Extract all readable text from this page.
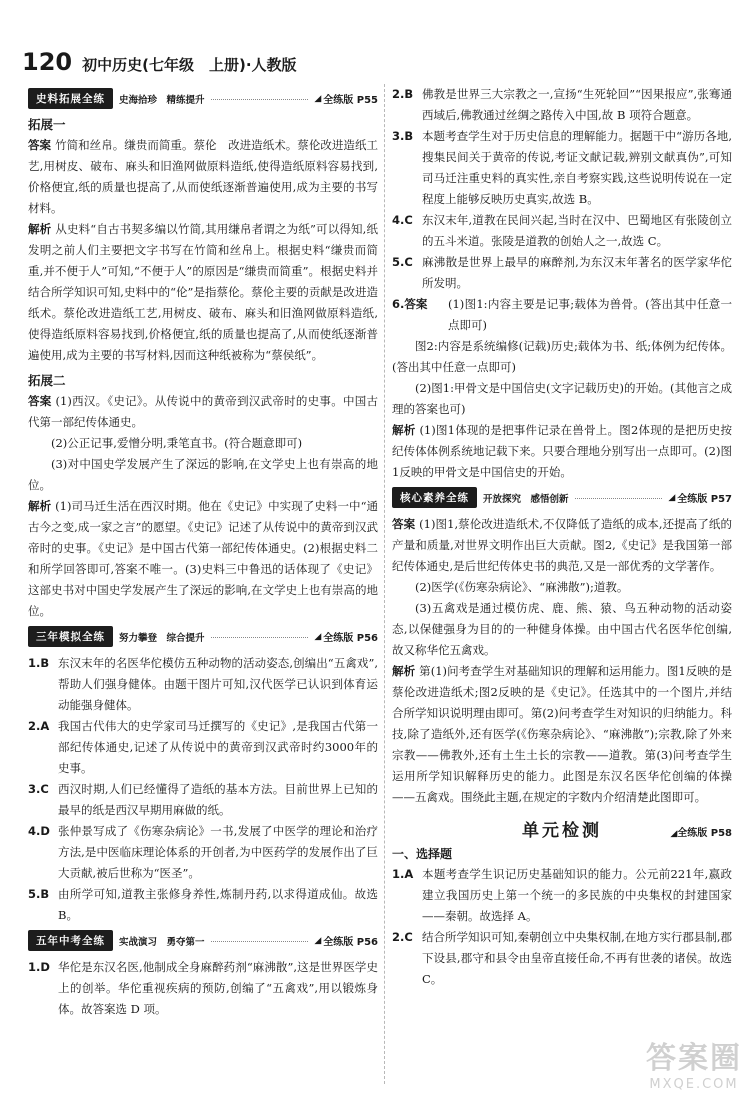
120 初中历史(七年级　上册)·人教版
史料拓展全练	史海拾珍　精练提升	◢ 全练版 P55
拓展一

答案 竹简和丝帛。缣贵而简重。蔡伦　改进造纸术。蔡伦改进造纸工艺,用树皮、破布、麻头和旧渔网做原料造纸,使得造纸原料容易找到,价格便宜,纸的质量也提高了,从而使纸逐渐普遍使用,成为主要的书写材料。

解析 从史料“自古书契多编以竹简,其用缣帛者谓之为纸”可以得知,纸发明之前人们主要把文字书写在竹简和丝帛上。根据史料“缣贵而简重,并不便于人”可知,“不便于人”的原因是“缣贵而简重”。根据史料并结合所学知识可知,史料中的“伦”是指蔡伦。蔡伦主要的贡献是改进造纸术。蔡伦改进造纸工艺,用树皮、破布、麻头和旧渔网做原料造纸,使得造纸原料容易找到,价格便宜,纸的质量也提高了,从而使纸逐渐普遍使用,成为主要的书写材料,因而这种纸被称为“蔡侯纸”。

拓展二

答案 (1)西汉。《史记》。从传说中的黄帝到汉武帝时的史事。中国古代第一部纪传体通史。

(2)公正记事,爱憎分明,秉笔直书。(符合题意即可)

(3)对中国史学发展产生了深远的影响,在文学史上也有崇高的地位。

解析 (1)司马迁生活在西汉时期。他在《史记》中实现了史料一中“通古今之变,成一家之言”的愿望。《史记》记述了从传说中的黄帝到汉武帝时的史事。《史记》是中国古代第一部纪传体通史。(2)根据史料二和所学回答即可,答案不唯一。(3)史料三中鲁迅的话体现了《史记》这部史书对中国史学发展产生了深远的影响,在文学史上也有崇高的地位。

三年模拟全练	努力攀登　综合提升	◢ 全练版 P56
1.B 东汉末年的名医华佗模仿五种动物的活动姿态,创编出“五禽戏”,帮助人们强身健体。由题干图片可知,汉代医学已认识到体育运动能强身健体。
2.A 我国古代伟大的史学家司马迁撰写的《史记》,是我国古代第一部纪传体通史,记述了从传说中的黄帝到汉武帝时约3000年的史事。
3.C 西汉时期,人们已经懂得了造纸的基本方法。目前世界上已知的最早的纸是西汉早期用麻做的纸。
4.D 张仲景写成了《伤寒杂病论》一书,发展了中医学的理论和治疗方法,是中医临床理论体系的开创者,为中医药学的发展作出了巨大贡献,被后世称为“医圣”。
5.B 由所学可知,道教主张修身养性,炼制丹药,以求得道成仙。故选 B。
五年中考全练	实战演习　勇夺第一	◢ 全练版 P56
1.D 华佗是东汉名医,他制成全身麻醉药剂“麻沸散”,这是世界医学史上的创举。华佗重视疾病的预防,创编了“五禽戏”,用以锻炼身体。故答案选 D 项。
2.B 佛教是世界三大宗教之一,宣扬“生死轮回”“因果报应”,张骞通西域后,佛教通过丝绸之路传入中国,故 B 项符合题意。
3.B 本题考查学生对于历史信息的理解能力。据题干中“游历各地,搜集民间关于黄帝的传说,考证文献记载,辨别文献真伪”,可知司马迁注重史料的真实性,亲自考察实践,这些说明传说在一定程度上能够反映历史真实,故选 B。
4.C 东汉末年,道教在民间兴起,当时在汉中、巴蜀地区有张陵创立的五斗米道。张陵是道教的创始人之一,故选 C。
5.C 麻沸散是世界上最早的麻醉剂,为东汉末年著名的医学家华佗所发明。
6.答案	(1)图1:内容主要是记事;载体为兽骨。(答出其中任意一点即可)

图2:内容是系统编修(记载)历史;载体为书、纸;体例为纪传体。(答出其中任意一点即可)

(2)图1:甲骨文是中国信史(文字记载历史)的开始。(其他言之成理的答案也可)

解析 (1)图1体现的是把事件记录在兽骨上。图2体现的是把历史按纪传体体例系统地记载下来。只要合理地分别写出一点即可。(2)图1反映的甲骨文是中国信史的开始。

核心素养全练	开放探究　感悟创新	◢ 全练版 P57

答案 (1)图1,蔡伦改进造纸术,不仅降低了造纸的成本,还提高了纸的产量和质量,对世界文明作出巨大贡献。图2,《史记》是我国第一部纪传体通史,是后世纪传体史书的典范,又是一部优秀的文学著作。

(2)医学(《伤寒杂病论》、“麻沸散”);道教。

(3)五禽戏是通过模仿虎、鹿、熊、猿、鸟五种动物的活动姿态,以保健强身为目的的一种健身体操。由中国古代名医华佗创编,故又称华佗五禽戏。

解析 第(1)问考查学生对基础知识的理解和运用能力。图1反映的是蔡伦改进造纸术;图2反映的是《史记》。任选其中的一个图片,并结合所学知识说明理由即可。第(2)问考查学生对知识的归纳能力。科技,除了造纸外,还有医学(《伤寒杂病论》、“麻沸散”);宗教,除了外来宗教——佛教外,还有土生土长的宗教——道教。第(3)问考查学生运用所学知识解释历史的能力。此图是东汉名医华佗创编的体操——五禽戏。围绕此主题,在规定的字数内介绍清楚此图即可。

单元检测	◢全练版 P58
一、选择题
1.A 本题考查学生识记历史基础知识的能力。公元前221年,嬴政建立我国历史上第一个统一的多民族的中央集权的封建国家——秦朝。故选择 A。
2.C 结合所学知识可知,秦朝创立中央集权制,在地方实行郡县制,郡下设县,郡守和县令由皇帝直接任命,不再有世袭的诸侯。故选 C。
答案圈
MXQE.COM
